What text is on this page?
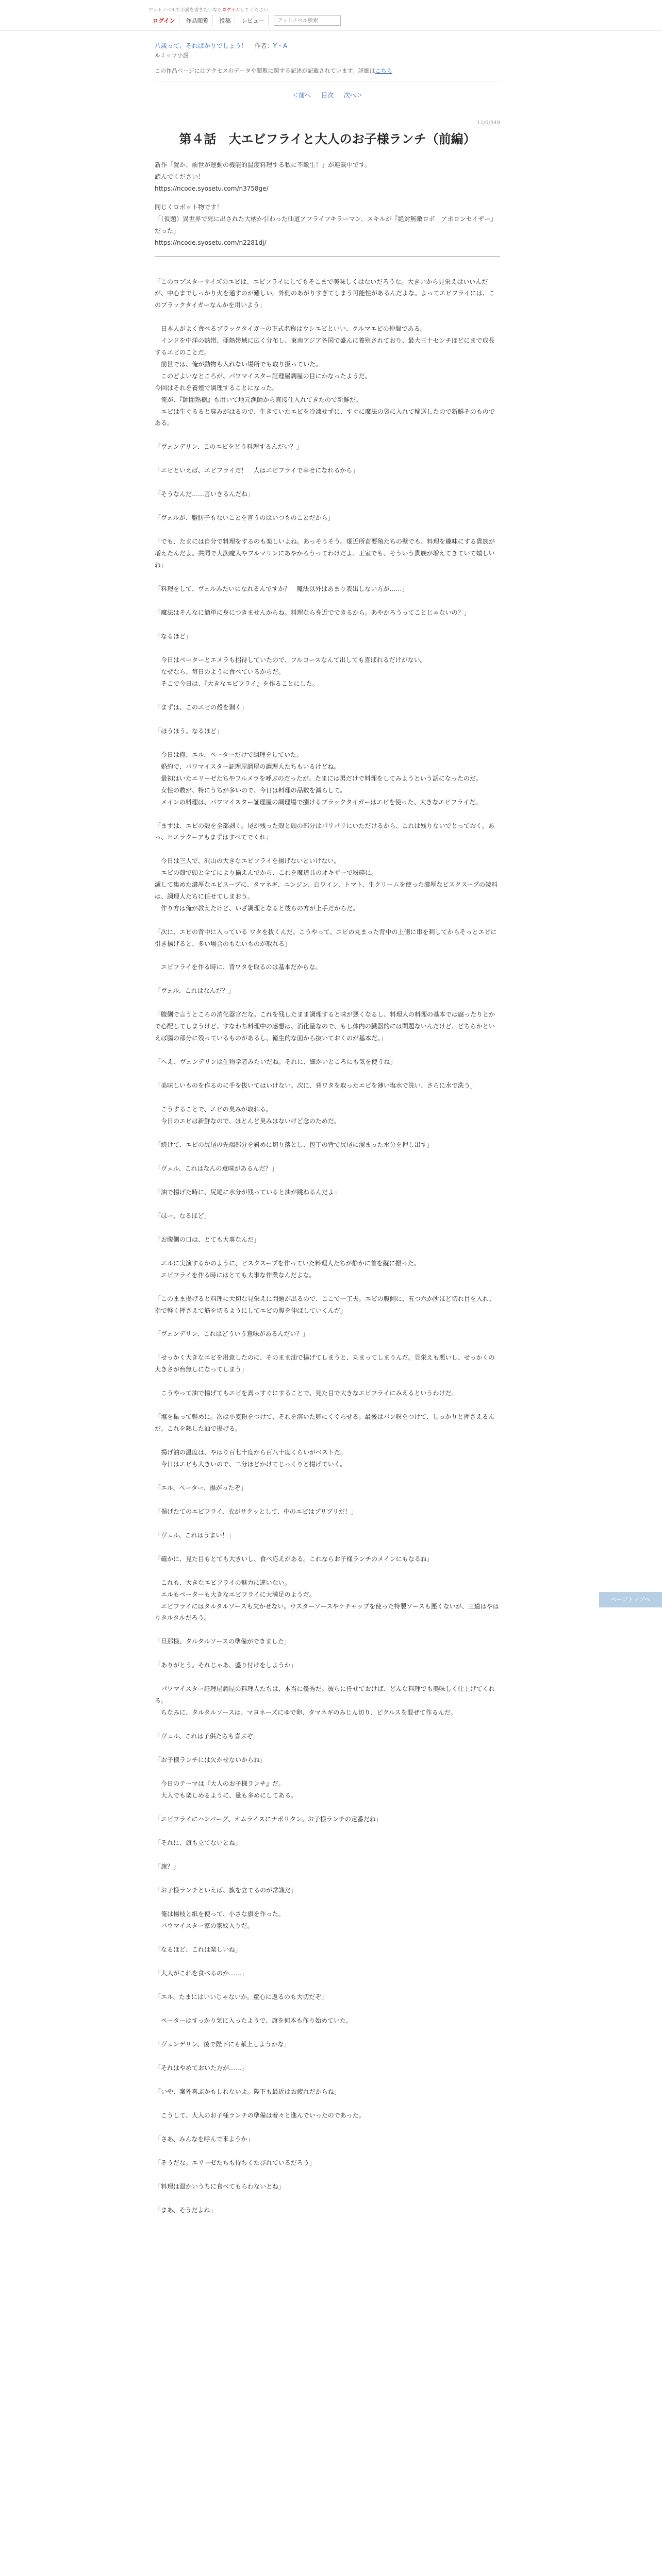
アットノベルで小説を書きたいならログインしてください
ログイン	作品閲覧	投稿	レビュー
アットノベル検索
八歳って、そればかりでしょう！ 作者：Y・A
ルミッツ小説
この作品ページにはアクセスのデータや閲覧に関する記述が記載されています。詳細はこちら
＜前へ 目次 次へ＞
11/0/349
第４話　大エビフライと大人のお子様ランチ（前編）

新作「置か、前世が運動の機能的温度料理する私に不敵生！」が連載中です。

読んでください！

https://ncode.syosetu.com/n3758ge/

同じくロボット物です！

「（仮題）異世界で死に出された大柄か引わった仙道アフライフキラーマン、スキルが『絶対無敵ロボ　アポロンセイザー』だった」

https://ncode.syosetu.com/n2281dj/

「このロブスターサイズのエビは、エビフライにしてもそこまで美味しくはないだろうな。大きいから見栄えはいいんだが、中心までしっかり火を通すのが難しい。外側のあがりすぎてしまう可能性があるんだよな。よってエビフライには、このブラックタイガーなんかを用いよう」

　日本人がよく食べるブラックタイガーの正式名称はウシエビといい、クルマエビの仲間である。

　インドを中洋の熱帯、亜熱帯域に広く分布し、東南アジア各国で盛んに養殖されており、最大三十センチほどにまで成長するエビのことだ。

　前世では、俺が動物も入れない場所でも取り扱っていた。

　このどよいなところが、パワマイスター証理屋調屋の目にかなったようだ。

今回はそれを養殖で調理することになった。

　俺が、『師闇熟樹』も用いて地元漁師から直接仕入れてきたので新鮮だ。

　エビは生ぐるると臭みがはるので、生きていたエビを冷凍せずに、すぐに魔法の袋に入れて輸送したので新鮮そのものである。

「ヴェンデリン、このエビをどう料理するんだい？」

「エビといえば、エビフライだ！　人はエビフライで幸せになれるから」

「そうなんだ……言いきるんだね」

「ヴェルが、脂肪子もないことを言うのはいつものことだから」

「でも、たまには自分で料理をするのも楽しいよね。あっそうそう。畑近所苗要殖たちの壁でも、料理を趣味にする貴族が増えたんだよ。共同で大漁魔人やフルマリンにあやかろうってわけだよ。王室でも、そういう貴族が増えてきていて嬉しいね」

「料理をして、ヴェルみたいになれるんですか？　魔法以外はあまり表出しない方が……」

「魔法はそんなに簡単に身につきませんからね。料理なら身近でできるから。あやかろうってことじゃないの？」

「なるほど」

　今日はペーターとエメラも招待していたので、フルコースなんて出しても喜ばれるだけがない。

　なぜなら、毎日のように食べているからだ。

　そこで今日は、『大きなエビフライ』を作ることにした。

「まずは、このエビの殻を剥く」

「ほうほう。なるほど」

　今日は俺、エル、ペーターだけで調理をしていた。

　婚約で、パワマイスター証理屋調屋の調理人たちもいるけどね。

　最初はいたエリーゼたちやフルメラを呼ぶのだったが、たまには男だけで料理をしてみようという話になったのだ。

　女性の数が、特にうちが多いので、今日は料理の品数を減らして。

　メインの料理は、パワマイスター証理屋の調理場で捌けるブラックタイガーはエビを使った、大きなエビフライだ。

「まずは、エビの殻を全部剥く。尾が残った殻と頭の部分はパリパリにいただけるから、これは残りないでとっておく。あっ、ヒエラクーアもまずはすべてでくれ」

　今日は三人で、沢山の大きなエビフライを揚げないといけない。

　エビの殻で頭と全てにより揃えんでから、これを魔道具のオキザーで粉碎に。

濾して集めた濃厚なエビスープに、タマネギ、ニンジン、白ワイン、トマト、生クリームを使った濃厚なビスクスープの読料は、調理人たちに任せてしまおう。

　作り方は俺が教えたけど、いざ調理となると彼らの方が上手だからだ。

「次に、エビの背中に入っている ワタを抜くんだ。こうやって、エビの丸まった背中の上側に串を刺してからそっとエビに引き揚げると、多い場合のもないものが取れる」

　エビフライを作る時に、背ワタを取るのは基本だからな。

「ヴェル、これはなんだ？」

「腹側で言うところの消化器官だな。これを残したまま調理すると味が悪くなるし、料理人の料理の基本では腐ったりとかで心配してしまうけど、すなわち料理中の感想は、消化量なので、もし体内の臓器的には問題ないんだけど、どちらかといえば腸の部分に残っているものがあるし、衛生的な面から抜いておくのが基本だ。」

「へえ、ヴェンデリンは生物学者みたいだね。それに、細かいところにも気を使うね」

「美味しいものを作るのに手を抜いてはいけない。次に、背ワタを取ったエビを薄い塩水で洗い、さらに水で洗う」

　こうすることで、エビの臭みが取れる。

　今日のエビは新鮮なので、ほとんど臭みはないけど念のためだ。

「続けて、エビの尻尾の先端部分を斜めに切り落とし、包丁の背で尻尾に溜まった水分を押し出す」

「ヴェル、これはなんの意味があるんだ？」

「油で揚げた時に、尻尾に水分が残っていると油が跳ねるんだよ」

「ほー、なるほど」

「お腹側の口は、とても大事なんだ」

　エルに実演するかのように、ビスクスープを作っていた料理人たちが静かに首を縦に振った。

　エビフライを作る時にはとても大事な作業なんだよな。

「このまま揚げると料理に大切な見栄えに問題が出るので、ここで一工夫。エビの腹側に、五つ六か所ほど切れ目を入れ、指で軽く押さえて筋を切るようにしてエビの腹を伸ばしていくんだ」

「ヴェンデリン、これはどういう意味があるんだい？」

「せっかく大きなエビを用意したのに、そのまま油で揚げてしまうと、丸まってしまうんだ。見栄えも悪いし、せっかくの大きさが台無しになってしまう」

　こうやって油で揚げてもエビを真っすぐにすることで、見た目で大きなエビフライにみえるというわけだ。

「塩を振って軽めに。次は小麦粉をつけて、それを溶いた卵にくぐらせる。最後はパン粉をつけて、しっかりと押さえるんだ。これを熱した油で揚げる。

　揚げ油の温度は、やはり百七十度から百八十度くらいがベストだ。

　今日はエビも大きいので、二分ほどかけてじっくりと揚げていく。

「エル、ペーター、揚がったぞ」

「揚げたてのエビフライ、衣がサクッとして、中のエビはプリプリだ！」

「ヴェル、これはうまい！」

「確かに、見た目もとても大きいし、食べ応えがある。これならお子様ランチのメインにもなるね」

　これも、大きなエビフライの魅力に違いない。

　エルもペーターも大きなエビフライに大満足のようだ。

　エビフライにはタルタルソースも欠かせない。ウスターソースやケチャップを使った特製ソースも悪くないが、王道はやはりタルタルだろう。

「旦那様、タルタルソースの準備ができました」

「ありがとう。それじゃあ、盛り付けをしようか」

　パワマイスター証理屋調屋の料理人たちは、本当に優秀だ。彼らに任せておけば、どんな料理でも美味しく仕上げてくれる。

　ちなみに、タルタルソースは、マヨネーズにゆで卵、タマネギのみじん切り、ピクルスを混ぜて作るんだ。

「ヴェル、これは子供たちも喜ぶぞ」

「お子様ランチには欠かせないからね」

　今日のテーマは『大人のお子様ランチ』だ。

　大人でも楽しめるように、量も多めにしてある。

「エビフライにハンバーグ、オムライスにナポリタン。お子様ランチの定番だね」

「それに、旗も立てないとね」

「旗？」

「お子様ランチといえば、旗を立てるのが常識だ」

　俺は楊枝と紙を使って、小さな旗を作った。

　バウマイスター家の家紋入りだ。

「なるほど、これは楽しいね」

「大人がこれを食べるのか……」

「エル、たまにはいいじゃないか。童心に返るのも大切だぞ」

　ペーターはすっかり気に入ったようで、旗を何本も作り始めていた。

「ヴェンデリン、後で陛下にも献上しようかな」

「それはやめておいた方が……」

「いや、案外喜ぶかもしれないよ。陛下も最近はお疲れだからね」

　こうして、大人のお子様ランチの準備は着々と進んでいったのであった。

「さあ、みんなを呼んで来ようか」

「そうだな。エリーゼたちも待ちくたびれているだろう」

「料理は温かいうちに食べてもらわないとね」

「まあ、そうだよね」

ページトップへ
